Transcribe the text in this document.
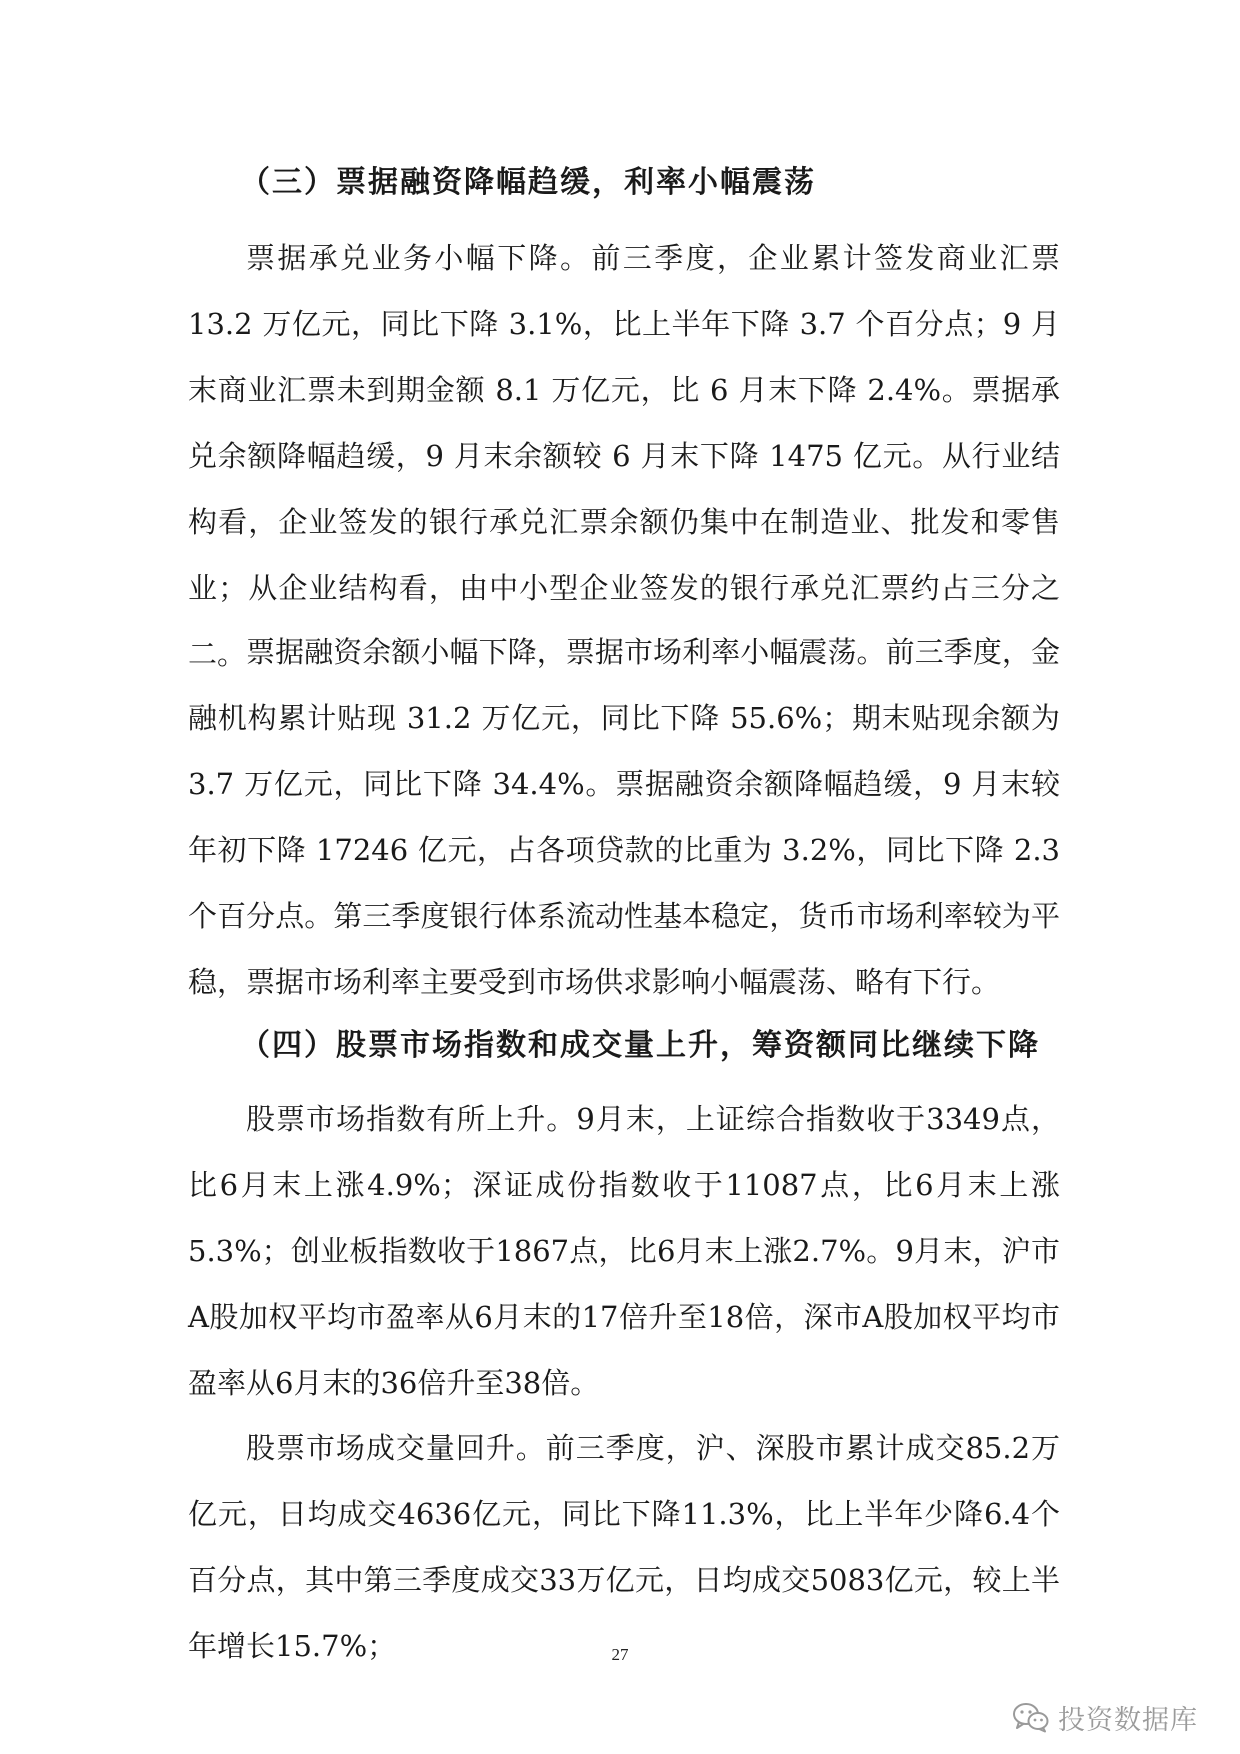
（三）票据融资降幅趋缓，利率小幅震荡

票据承兑业务小幅下降。前三季度，企业累计签发商业汇票 13.2 万亿元，同比下降 3.1%，比上半年下降 3.7 个百分点；9 月末商业汇票未到期金额 8.1 万亿元，比 6 月末下降 2.4%。票据承兑余额降幅趋缓，9 月末余额较 6 月末下降 1475 亿元。从行业结构看，企业签发的银行承兑汇票余额仍集中在制造业、批发和零售业；从企业结构看，由中小型企业签发的银行承兑汇票约占三分之二。 票据融资余额小幅下降，票据市场利率小幅震荡。前三季度，金融机构累计贴现 31.2 万亿元，同比下降 55.6%；期末贴现余额为 3.7 万亿元，同比下降 34.4%。票据融资余额降幅趋缓，9 月末较年初下降 17246 亿元，占各项贷款的比重为 3.2%，同比下降 2.3 个百分点。第三季度银行体系流动性基本稳定，货币市场利率较为平稳，票据市场利率主要受到市场供求影响小幅震荡、略有下行。

（四）股票市场指数和成交量上升，筹资额同比继续下降

股票市场指数有所上升。9月末，上证综合指数收于3349点，比6月末上涨4.9%；深证成份指数收于11087点，比6月末上涨5.3%；创业板指数收于1867点，比6月末上涨2.7%。9月末，沪市A股加权平均市盈率从6月末的17倍升至18倍，深市A股加权平均市盈率从6月末的36倍升至38倍。

股票市场成交量回升。前三季度，沪、深股市累计成交85.2万亿元，日均成交4636亿元，同比下降11.3%，比上半年少降6.4个百分点，其中第三季度成交33万亿元，日均成交5083亿元，较上半年增长15.7%；	27
投资数据库
